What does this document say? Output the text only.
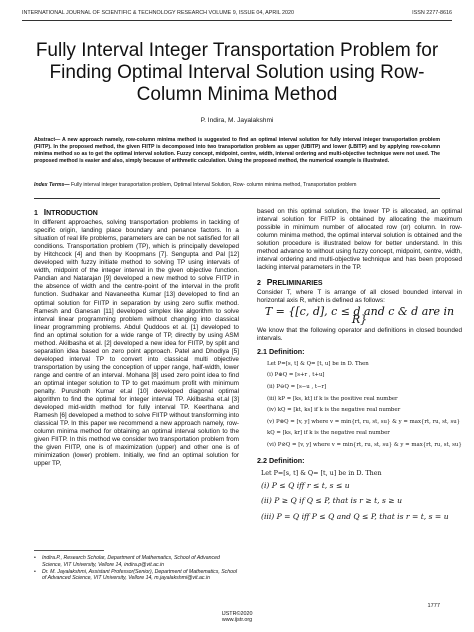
INTERNATIONAL JOURNAL OF SCIENTIFIC & TECHNOLOGY RESEARCH VOLUME 9, ISSUE 04, APRIL 2020	ISSN 2277-8616
Fully Interval Integer Transportation Problem for Finding Optimal Interval Solution using Row- Column Minima Method
P. Indira, M. Jayalakshmi
Abstract— A new approach namely, row-column minima method is suggested to find an optimal interval solution for fully interval integer transportation problem (FIITP). In the proposed method, the given FIITP is decomposed into two transportation problem as upper (UBITP) and lower (LBITP) and by applying row-column minima method so as to get the optimal interval solution. Fuzzy concept, midpoint, centre, width, interval ordering and multi-objective technique were not used. The proposed method is easier and also, simply because of arithmetic calculation. Using the proposed method, the numerical example is illustrated.
Index Terms— Fully interval integer transportation problem, Optimal Interval Solution, Row- column minima method, Transportation problem
1 INTRODUCTION

In different approaches, solving transportation problems in tackling of specific origin, landing place boundary and penance factors. In a situation of real life problems, parameters are can be not satisfied for all conditions. Transportation problem (TP), which is principally developed by Hitchcock [4] and then by Koopmans [7]. Sengupta and Pal [12] developed with fuzzy initiate method to solving TP using intervals of width, midpoint of the integer interval in the given objective function. Pandian and Natarajan [9] developed a new method to solve FIITP in the absence of width and the centre-point of the interval in the profit function. Sudhakar and Navaneetha Kumar [13] developed to find an optimal solution for FIITP in separation by using zero suffix method. Ramesh and Ganesan [11] developed simplex like algorithm to solve interval linear programming problem without changing into classical linear programming problems. Abdul Quddoos et al. [1] developed to find an optimal solution for a wide range of TP, directly by using ASM method. Akilbasha et al. [2] developed a new idea for FIITP, by split and separation idea based on zero point approach. Patel and Dhodiya [5] developed interval TP to convert into classical multi objective transportation by using the conception of upper range, half-width, lower range and centre of an interval. Mohana [8] used zero point idea to find an optimal integer solution to TP to get maximum profit with minimum penalty. Purushoth Kumar et.al [10] developed diagonal optimal algorithm to find the optimal for integer interval TP. Akilbasha et.al [3] developed mid-width method for fully interval TP. Keerthana and Ramesh [6] developed a method to solve FIITP without transforming into classical TP. In this paper we recommend a new approach namely, row-column minima method for obtaining an optimal interval solution to the given FIITP. In this method we consider two transportation problem from the given FIITP, one is of maximization (upper) and other one is of minimization (lower) problem. Initially, we find an optimal solution for upper TP,

• Indira.P., Research Scholar, Department of Mathematics, School of Advanced Science, VIT University, Vellore 14, indira.p@vit.ac.in
• Dr. M. Jayalakshmi, Assistant Professor(Senior), Department of Mathematics, School of Advanced Science, VIT University, Vellore 14, m.jayalakshmi@vit.ac.in

based on this optimal solution, the lower TP is allocated, an optimal interval solution for FIITP is obtained by allocating the maximum possible in minimum number of allocated row (or) column. In row-column minima method, the optimal interval solution is obtained and the solution procedure is illustrated below for better understand. In this method advance to without using fuzzy concept, midpoint, centre, width, interval ordering and multi-objective technique and has been proposed lacking interval parameters in the TP.

2 PRELIMINARIES

Consider T, where T is arrange of all closed bounded interval in horizontal axis R, which is defined as follows:

T = {[c, d], c ≤ d and c & d are in R}

We know that the following operator and definitions in closed bounded intervals.

2.1 Definition:
Let P=[s, t] & Q= [t, u] be in D. Then
(i) P⊕Q = [s+r , t+u]
(ii) P⊖Q = [s−u , t−r]
(iii) kP = [ks, kt] if k is the positive real number
(iv) kQ = [kt, ks] if k is the negative real number
(v) P⊗Q = [v, y] where v = min{rt, ru, st, su} & y = max{rt, ru, st, su}
kQ = [ks, kr] if k is the negative real number
(vi) P⊘Q = [v, y] where v = min{rt, ru, st, su} & y = max{rt, ru, st, su}
2.2 Definition:
Let P=[s, t] & Q= [t, u] be in D. Then
(i) P ≤ Q iff r ≤ t, s ≤ u
(ii) P ≥ Q if Q ≤ P, that is r ≥ t, s ≥ u
(iii) P = Q iff P ≤ Q and Q ≤ P, that is r = t, s = u
1777
IJSTR©2020
www.ijstr.org
